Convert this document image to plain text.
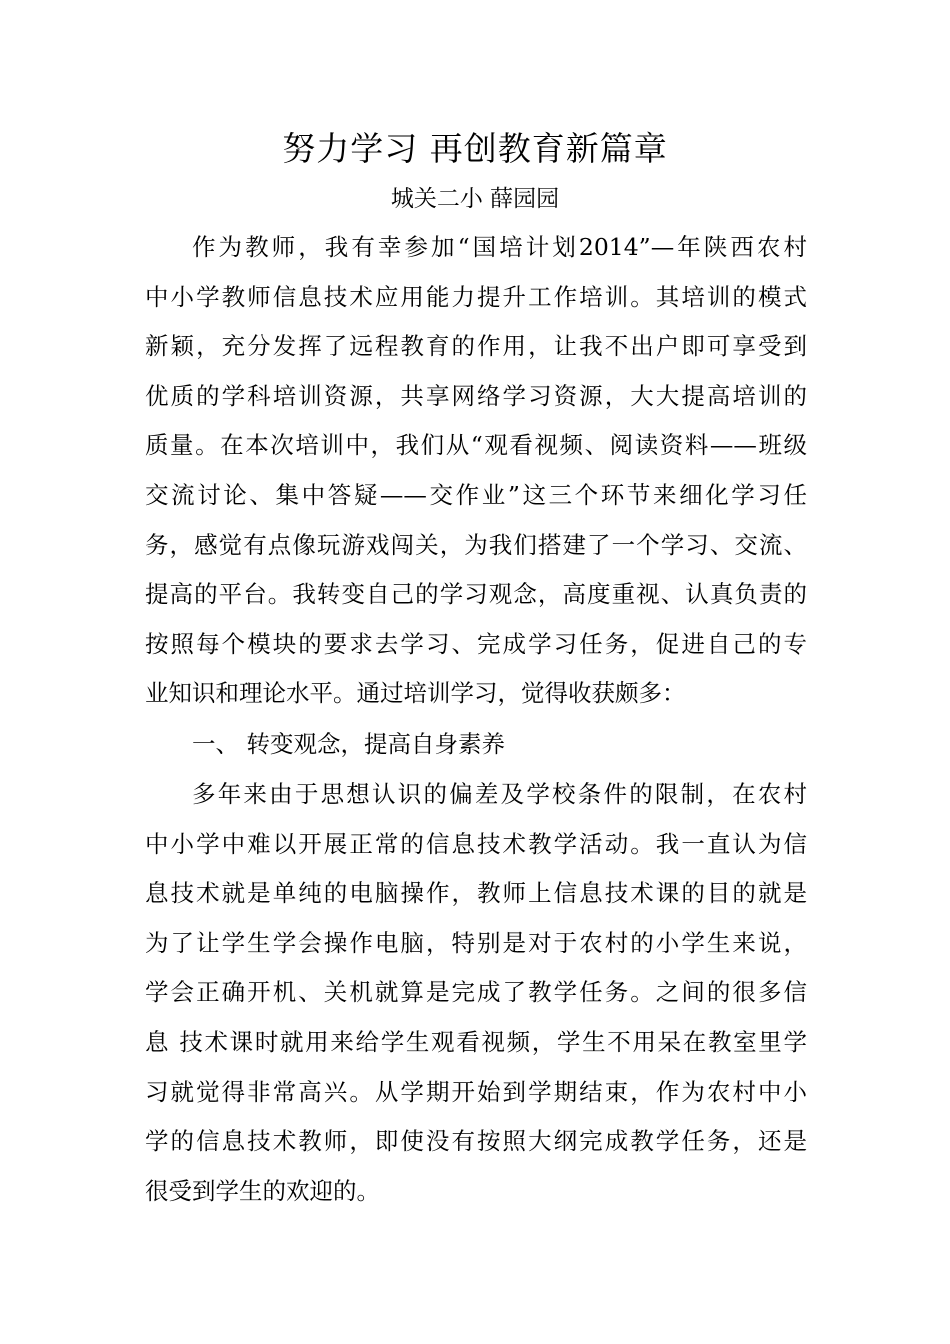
努力学习 再创教育新篇章
城关二小 薛园园
作为教师，我有幸参加“国培计划2014”—年陕西农村
中小学教师信息技术应用能力提升工作培训。其培训的模式
新颖，充分发挥了远程教育的作用，让我不出户即可享受到
优质的学科培训资源，共享网络学习资源，大大提高培训的
质量。在本次培训中，我们从“观看视频、阅读资料——班级
交流讨论、集中答疑——交作业”这三个环节来细化学习任
务，感觉有点像玩游戏闯关，为我们搭建了一个学习、交流、
提高的平台。我转变自己的学习观念，高度重视、认真负责的
按照每个模块的要求去学习、完成学习任务，促进自己的专
业知识和理论水平。通过培训学习，觉得收获颇多：
一、 转变观念，提高自身素养
多年来由于思想认识的偏差及学校条件的限制，在农村
中小学中难以开展正常的信息技术教学活动。我一直认为信
息技术就是单纯的电脑操作，教师上信息技术课的目的就是
为了让学生学会操作电脑，特别是对于农村的小学生来说，
学会正确开机、关机就算是完成了教学任务。之间的很多信
息 技术课时就用来给学生观看视频，学生不用呆在教室里学
习就觉得非常高兴。从学期开始到学期结束，作为农村中小
学的信息技术教师，即使没有按照大纲完成教学任务，还是
很受到学生的欢迎的。
